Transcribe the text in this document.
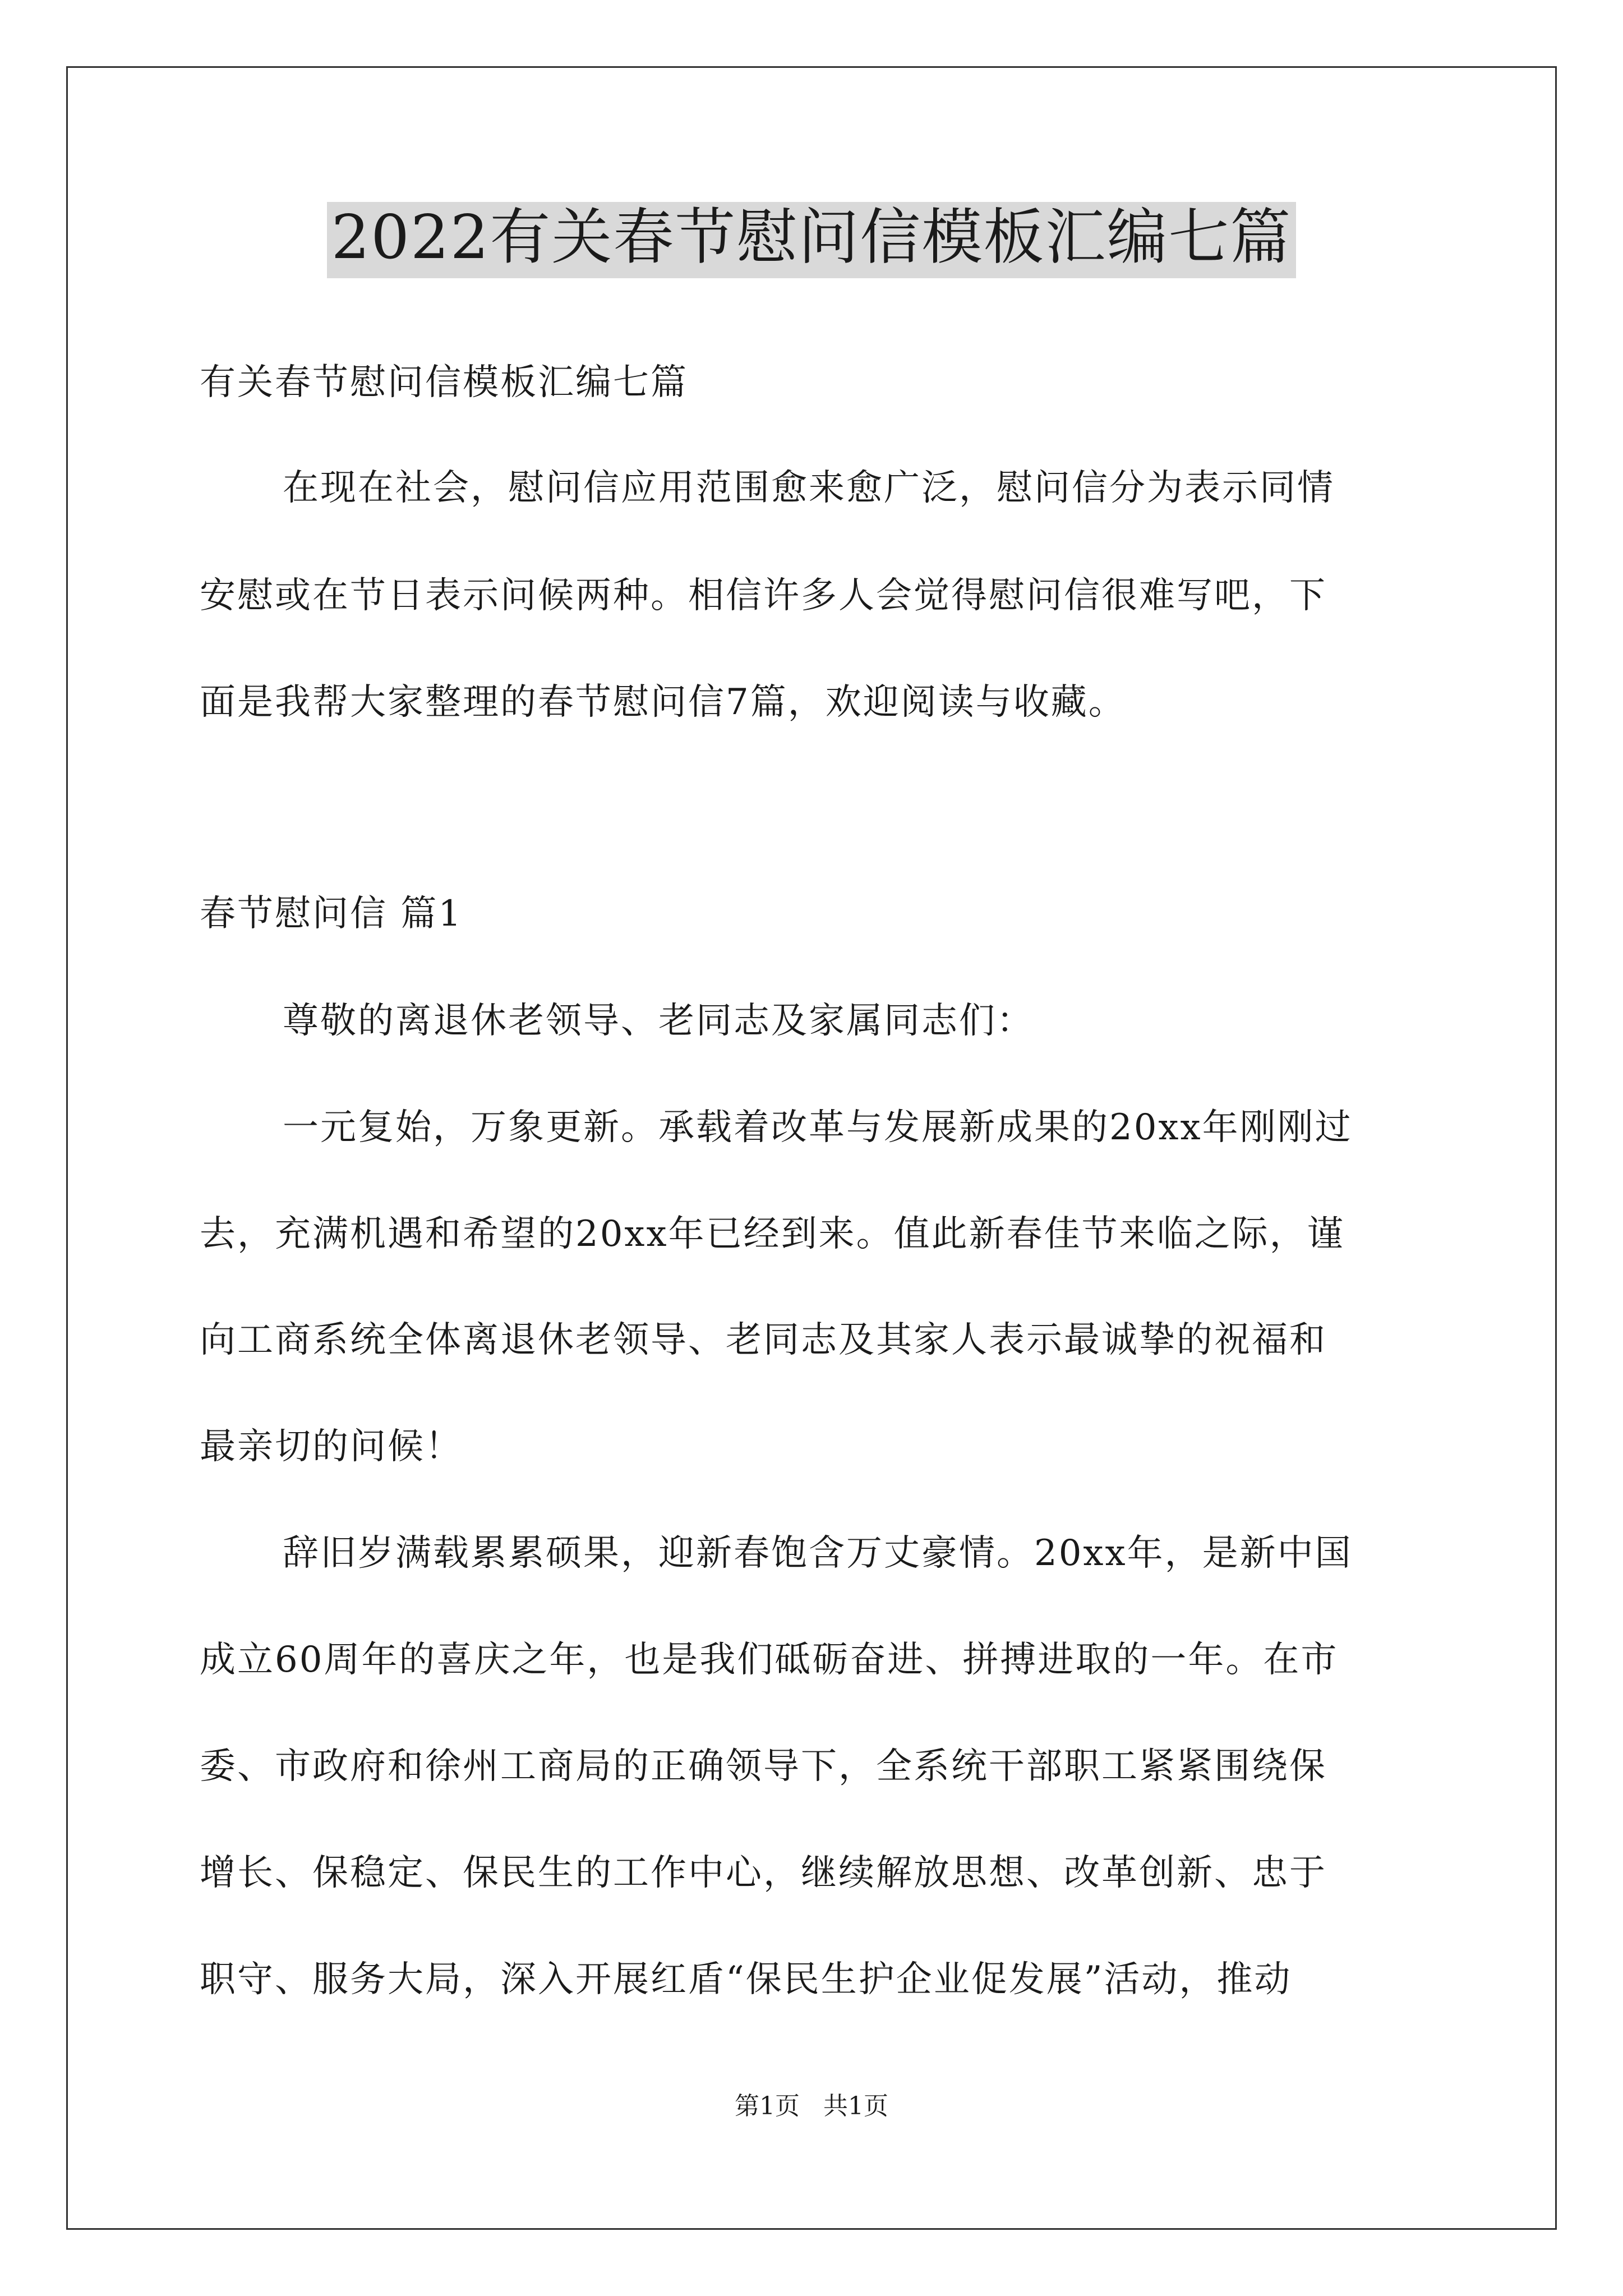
2022有关春节慰问信模板汇编七篇
有关春节慰问信模板汇编七篇
在现在社会，慰问信应用范围愈来愈广泛，慰问信分为表示同情
安慰或在节日表示问候两种。相信许多人会觉得慰问信很难写吧，下
面是我帮大家整理的春节慰问信7篇，欢迎阅读与收藏。
春节慰问信 篇1
尊敬的离退休老领导、老同志及家属同志们：
一元复始，万象更新。承载着改革与发展新成果的20xx年刚刚过
去，充满机遇和希望的20xx年已经到来。值此新春佳节来临之际，谨
向工商系统全体离退休老领导、老同志及其家人表示最诚挚的祝福和
最亲切的问候！
辞旧岁满载累累硕果，迎新春饱含万丈豪情。20xx年，是新中国
成立60周年的喜庆之年，也是我们砥砺奋进、拼搏进取的一年。在市
委、市政府和徐州工商局的正确领导下，全系统干部职工紧紧围绕保
增长、保稳定、保民生的工作中心，继续解放思想、改革创新、忠于
职守、服务大局，深入开展红盾“保民生护企业促发展”活动，推动
第1页   共1页
